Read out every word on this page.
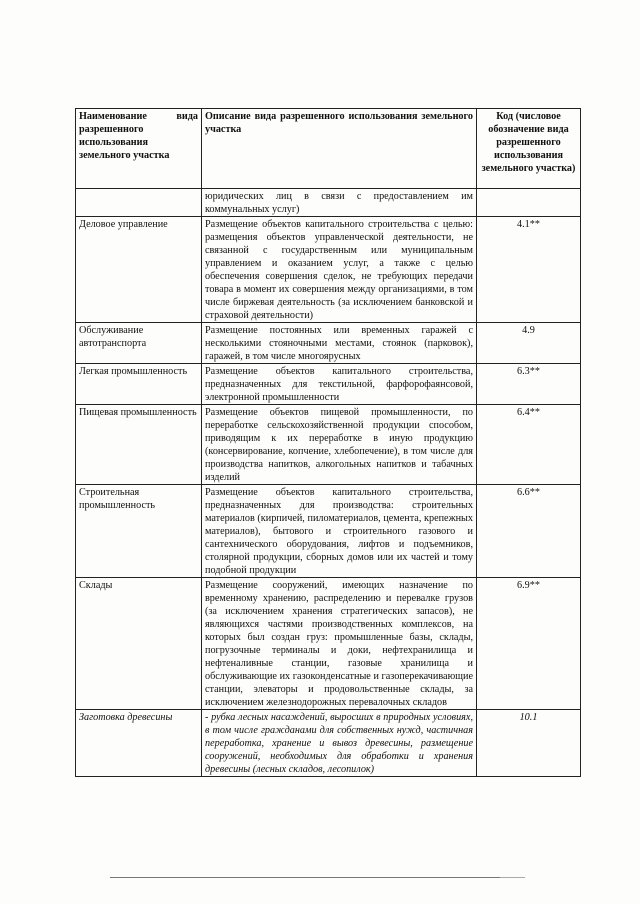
Наименование вида разрешенного использования земельного участка	Описание вида разрешенного использования земельного участка	Код (числовое обозначение вида разрешенного использования земельного участка)
	юридических лиц в связи с предоставлением им коммунальных услуг)	
Деловое управление	Размещение объектов капитального строительства с целью: размещения объектов управленческой деятельности, не связанной с государственным или муниципальным управлением и оказанием услуг, а также с целью обеспечения совершения сделок, не требующих передачи товара в момент их совершения между организациями, в том числе биржевая деятельность (за исключением банковской и страховой деятельности)	4.1**
Обслуживание автотранспорта	Размещение постоянных или временных гаражей с несколькими стояночными местами, стоянок (парковок), гаражей, в том числе многоярусных	4.9
Легкая промышленность	Размещение объектов капитального строительства, предназначенных для текстильной, фарфорофаянсовой, электронной промышленности	6.3**
Пищевая промышленность	Размещение объектов пищевой промышленности, по переработке сельскохозяйственной продукции способом, приводящим к их переработке в иную продукцию (консервирование, копчение, хлебопечение), в том числе для производства напитков, алкогольных напитков и табачных изделий	6.4**
Строительная промышленность	Размещение объектов капитального строительства, предназначенных для производства: строительных материалов (кирпичей, пиломатериалов, цемента, крепежных материалов), бытового и строительного газового и сантехнического оборудования, лифтов и подъемников, столярной продукции, сборных домов или их частей и тому подобной продукции	6.6**
Склады	Размещение сооружений, имеющих назначение по временному хранению, распределению и перевалке грузов (за исключением хранения стратегических запасов), не являющихся частями производственных комплексов, на которых был создан груз: промышленные базы, склады, погрузочные терминалы и доки, нефтехранилища и нефтеналивные станции, газовые хранилища и обслуживающие их газоконденсатные и газоперекачивающие станции, элеваторы и продовольственные склады, за исключением железнодорожных перевалочных складов	6.9**
Заготовка древесины	- рубка лесных насаждений, выросших в природных условиях, в том числе гражданами для собственных нужд, частичная переработка, хранение и вывоз древесины, размещение сооружений, необходимых для обработки и хранения древесины (лесных складов, лесопилок)	10.1
